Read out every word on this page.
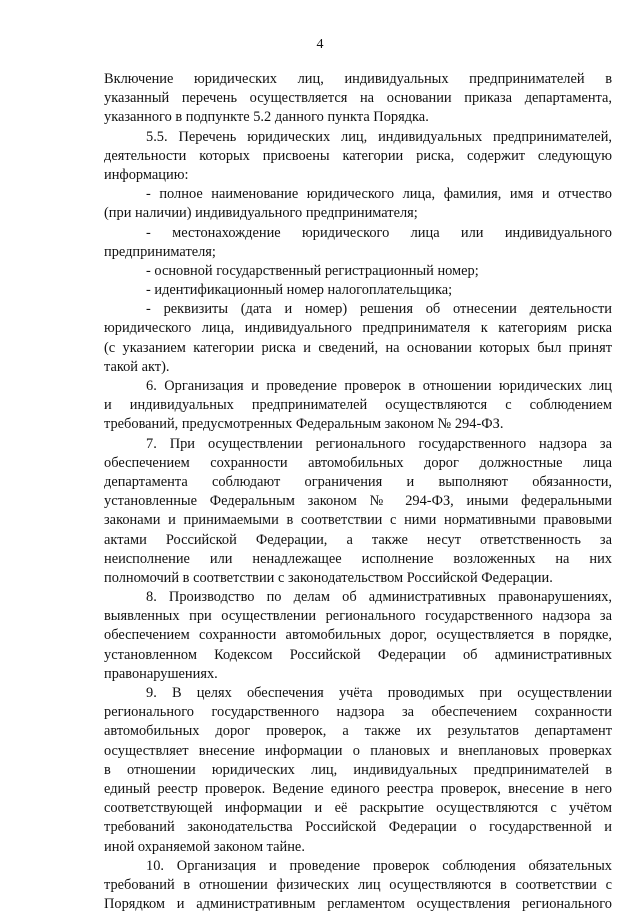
4
Включение юридических лиц, индивидуальных предпринимателей в
указанный перечень осуществляется на основании приказа департамента,
указанного в подпункте 5.2 данного пункта Порядка.
5.5. Перечень юридических лиц, индивидуальных предпринимателей,
деятельности которых присвоены категории риска, содержит следующую
информацию:
- полное наименование юридического лица, фамилия, имя и отчество
(при наличии) индивидуального предпринимателя;
- местонахождение юридического лица или индивидуального
предпринимателя;
- основной государственный регистрационный номер;
- идентификационный номер налогоплательщика;
- реквизиты (дата и номер) решения об отнесении деятельности
юридического лица, индивидуального предпринимателя к категориям риска
(с указанием категории риска и сведений, на основании которых был принят
такой акт).
6. Организация и проведение проверок в отношении юридических лиц
и индивидуальных предпринимателей осуществляются с соблюдением
требований, предусмотренных Федеральным законом № 294-ФЗ.
7. При осуществлении регионального государственного надзора за
обеспечением сохранности автомобильных дорог должностные лица
департамента соблюдают ограничения и выполняют обязанности,
установленные Федеральным законом № 294-ФЗ, иными федеральными
законами и принимаемыми в соответствии с ними нормативными правовыми
актами Российской Федерации, а также несут ответственность за
неисполнение или ненадлежащее исполнение возложенных на них
полномочий в соответствии с законодательством Российской Федерации.
8. Производство по делам об административных правонарушениях,
выявленных при осуществлении регионального государственного надзора за
обеспечением сохранности автомобильных дорог, осуществляется в порядке,
установленном Кодексом Российской Федерации об административных
правонарушениях.
9. В целях обеспечения учёта проводимых при осуществлении
регионального государственного надзора за обеспечением сохранности
автомобильных дорог проверок, а также их результатов департамент
осуществляет внесение информации о плановых и внеплановых проверках
в отношении юридических лиц, индивидуальных предпринимателей в
единый реестр проверок. Ведение единого реестра проверок, внесение в него
соответствующей информации и её раскрытие осуществляются с учётом
требований законодательства Российской Федерации о государственной и
иной охраняемой законом тайне.
10. Организация и проведение проверок соблюдения обязательных
требований в отношении физических лиц осуществляются в соответствии с
Порядком и административным регламентом осуществления регионального
